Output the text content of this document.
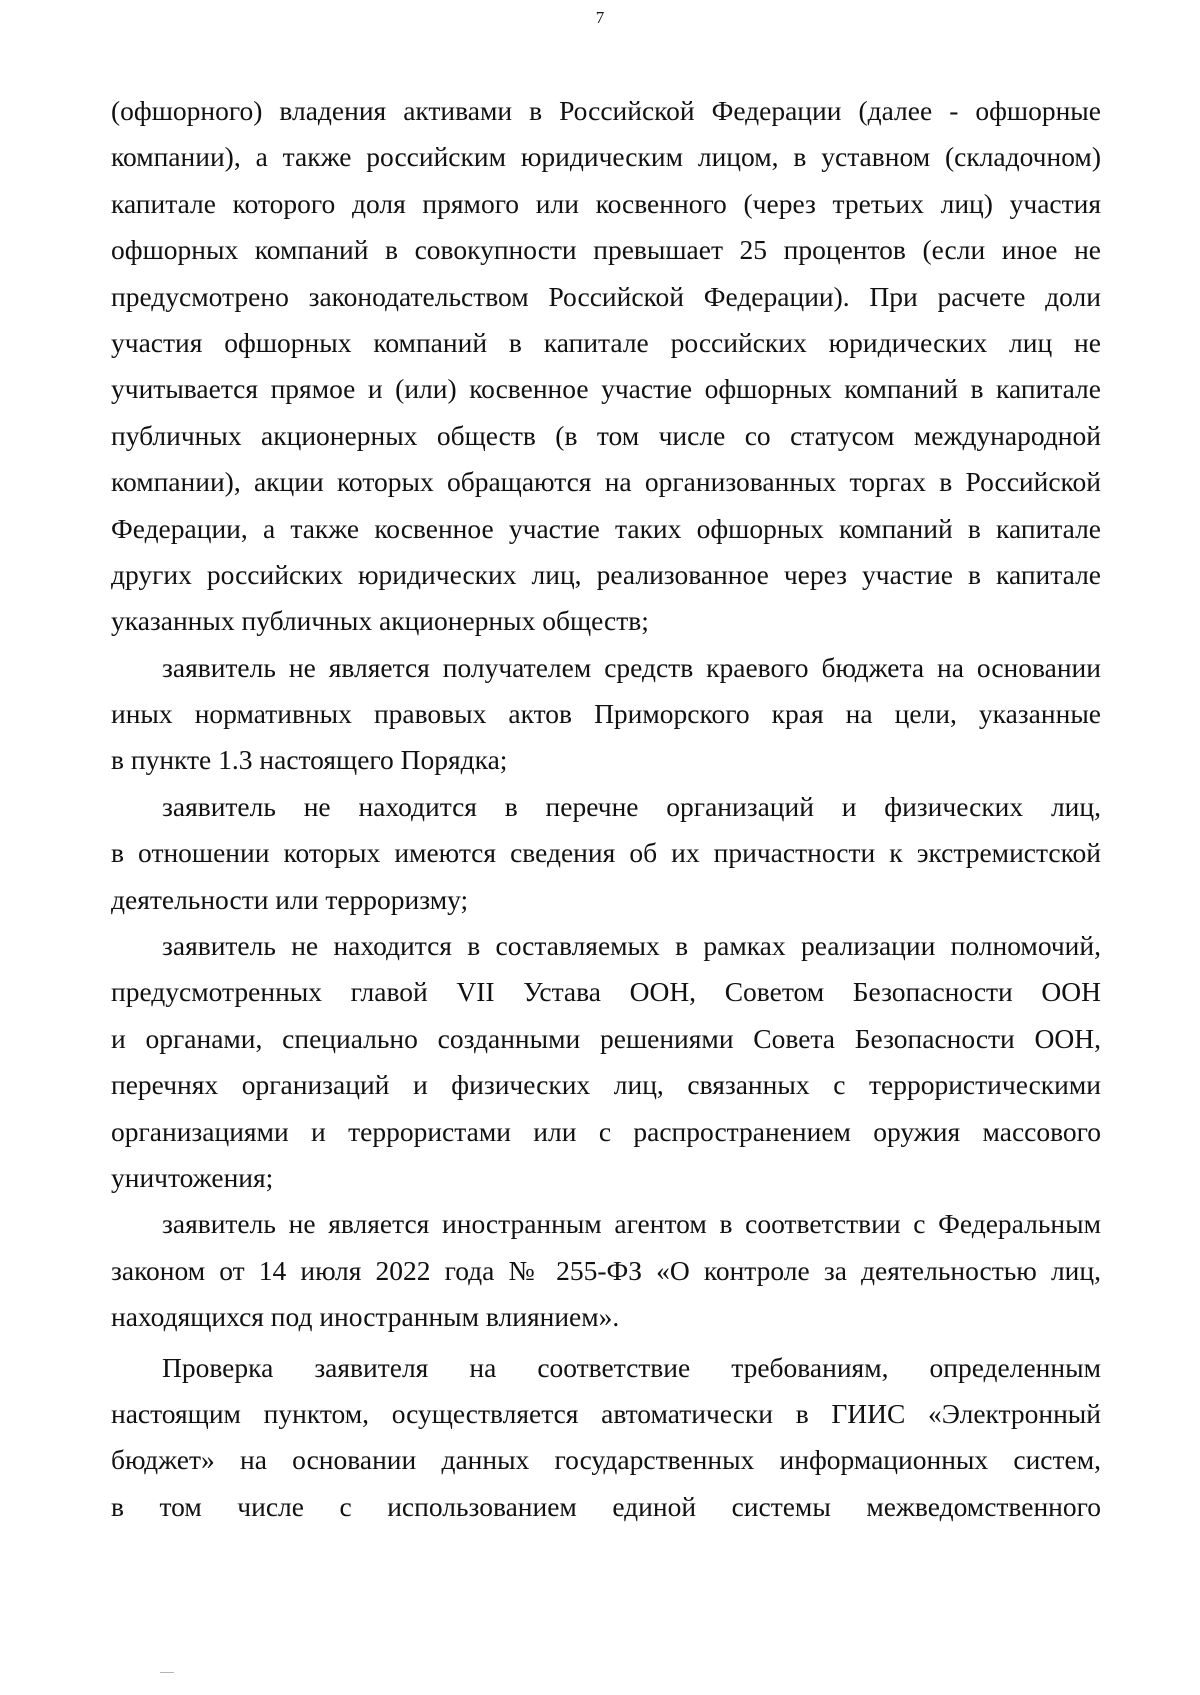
7
(офшорного) владения активами в Российской Федерации (далее - офшорные
компании), а также российским юридическим лицом, в уставном (складочном)
капитале которого доля прямого или косвенного (через третьих лиц) участия
офшорных компаний в совокупности превышает 25 процентов (если иное не
предусмотрено законодательством Российской Федерации). При расчете доли
участия офшорных компаний в капитале российских юридических лиц не
учитывается прямое и (или) косвенное участие офшорных компаний в капитале
публичных акционерных обществ (в том числе со статусом международной
компании), акции которых обращаются на организованных торгах в Российской
Федерации, а также косвенное участие таких офшорных компаний в капитале
других российских юридических лиц, реализованное через участие в капитале
указанных публичных акционерных обществ;
заявитель не является получателем средств краевого бюджета на основании
иных нормативных правовых актов Приморского края на цели, указанные
в пункте 1.3 настоящего Порядка;
заявитель не находится в перечне организаций и физических лиц,
в отношении которых имеются сведения об их причастности к экстремистской
деятельности или терроризму;
заявитель не находится в составляемых в рамках реализации полномочий,
предусмотренных главой VII Устава ООН, Советом Безопасности ООН
и органами, специально созданными решениями Совета Безопасности ООН,
перечнях организаций и физических лиц, связанных с террористическими
организациями и террористами или с распространением оружия массового
уничтожения;
заявитель не является иностранным агентом в соответствии с Федеральным
законом от 14 июля 2022 года № 255-ФЗ «О контроле за деятельностью лиц,
находящихся под иностранным влиянием».
Проверка заявителя на соответствие требованиям, определенным
настоящим пунктом, осуществляется автоматически в ГИИС «Электронный
бюджет» на основании данных государственных информационных систем,
в том числе с использованием единой системы межведомственного
